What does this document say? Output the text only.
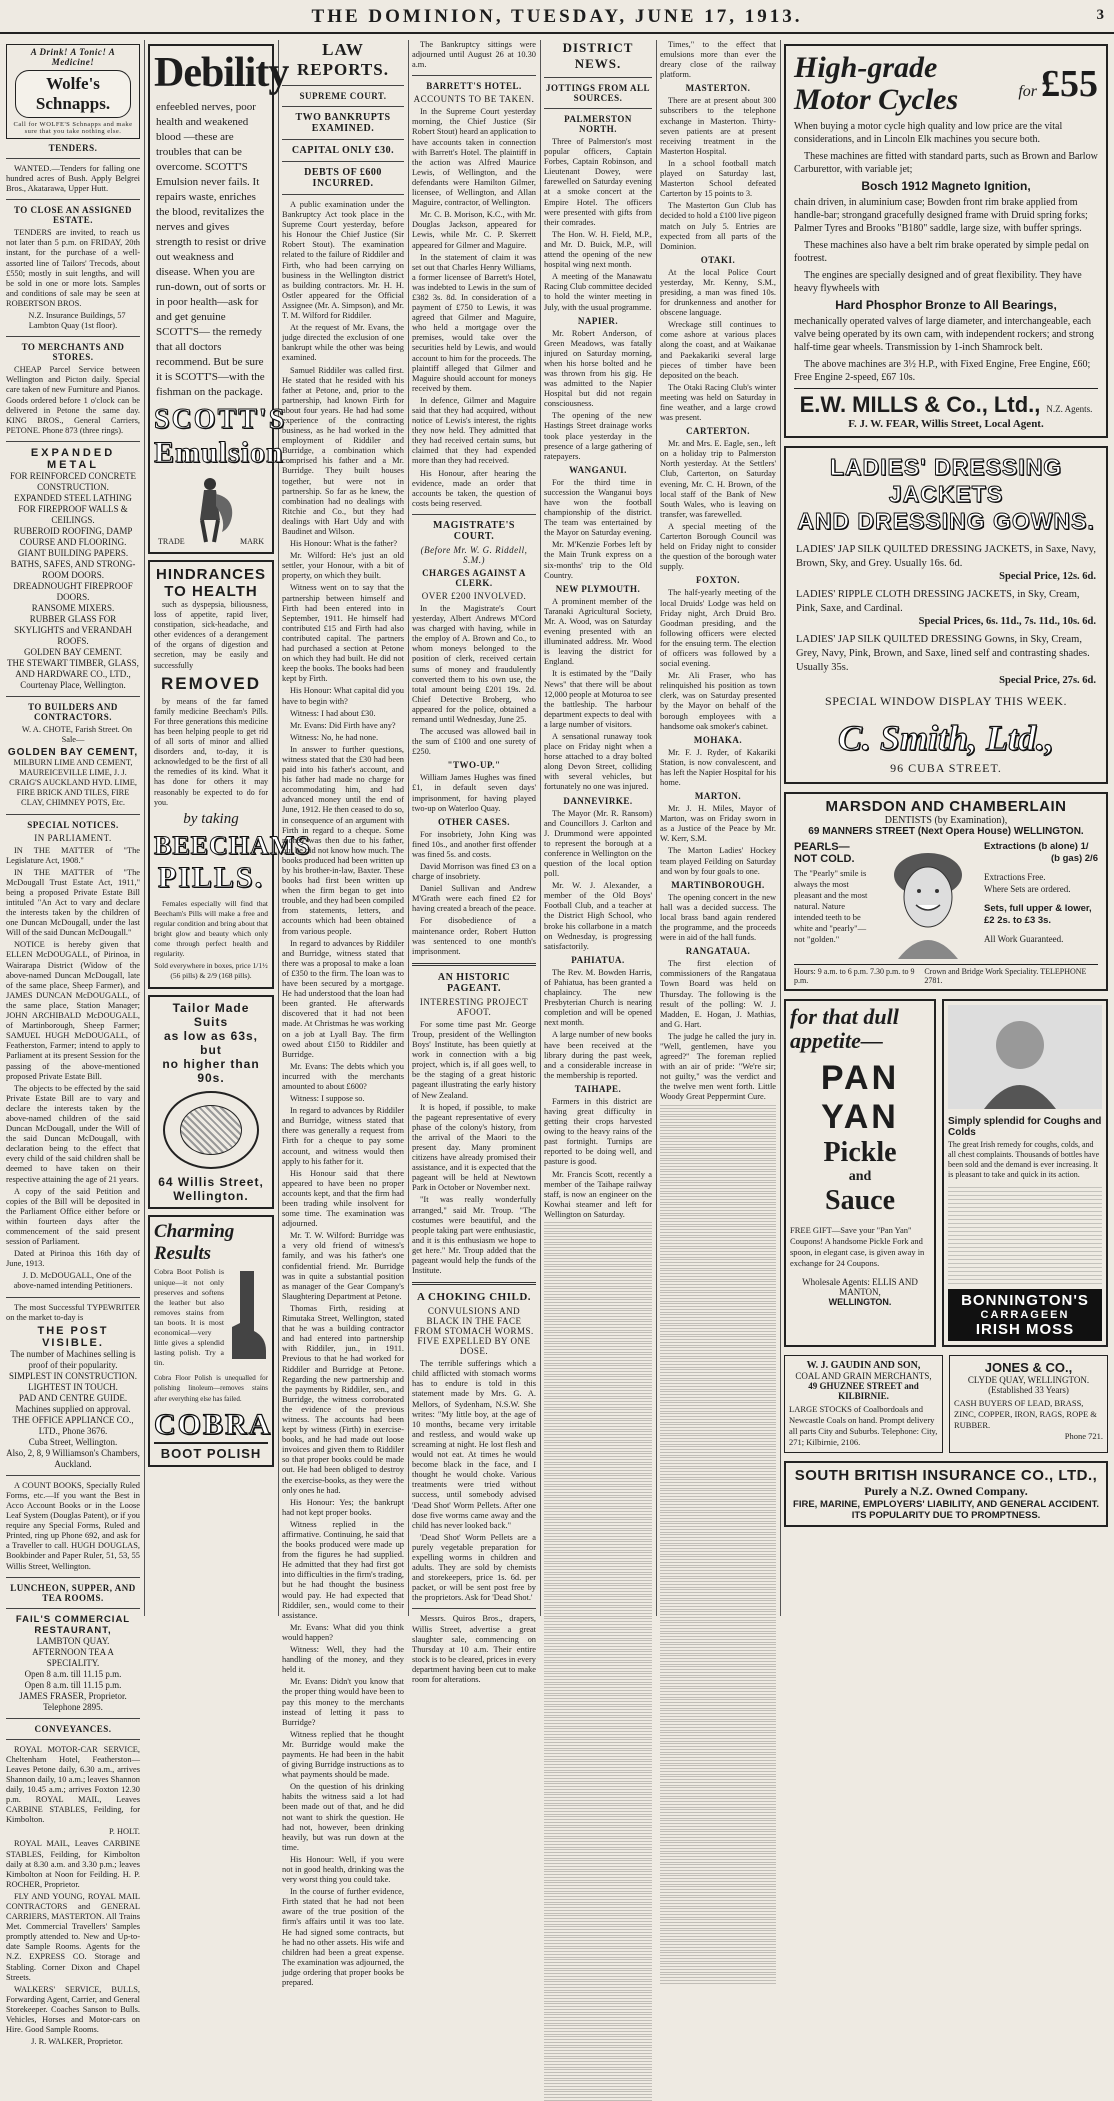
THE DOMINION, TUESDAY, JUNE 17, 1913.	3
A Drink! A Tonic! A Medicine!
Wolfe's Schnapps.
Call for WOLFE'S Schnapps and make sure that you take nothing else.
TENDERS.

WANTED.—Tenders for falling one hundred acres of Bush. Apply Belgrei Bros., Akatarawa, Upper Hutt.

TO CLOSE AN ASSIGNED ESTATE.

TENDERS are invited, to reach us not later than 5 p.m. on FRIDAY, 20th instant, for the purchase of a well-assorted line of Tailors' Trecods, about £550; mostly in suit lengths, and will be sold in one or more lots. Samples and conditions of sale may be seen at ROBERTSON BROS.

N.Z. Insurance Buildings, 57 Lambton Quay (1st floor).

TO MERCHANTS AND STORES.

CHEAP Parcel Service between Wellington and Picton daily. Special care taken of new Furniture and Pianos. Goods ordered before 1 o'clock can be delivered in Petone the same day. KING BROS., General Carriers, PETONE. Phone 873 (three rings).

EXPANDED METAL
FOR REINFORCED CONCRETE CONSTRUCTION.
EXPANDED STEEL LATHING
FOR FIREPROOF WALLS & CEILINGS.
RUBEROID ROOFING, DAMP COURSE AND FLOORING.
GIANT BUILDING PAPERS.
BATHS, SAFES, AND STRONG-ROOM DOORS.
DREADNOUGHT FIREPROOF DOORS.
RANSOME MIXERS.
RUBBER GLASS FOR SKYLIGHTS and VERANDAH ROOFS.
GOLDEN BAY CEMENT.
THE STEWART TIMBER, GLASS, AND HARDWARE CO., LTD.,
Courtenay Place, Wellington.
TO BUILDERS AND CONTRACTORS.

W. A. CHOTE, Farish Street. On Sale—

GOLDEN BAY CEMENT,

MILBURN LIME AND CEMENT, MAUREICEVILLE LIME, J. J. CRAIG'S AUCKLAND HYD. LIME, FIRE BRICK AND TILES, FIRE CLAY, CHIMNEY POTS, Etc.

SPECIAL NOTICES.
IN PARLIAMENT.

IN THE MATTER of "The Legislature Act, 1908."

IN THE MATTER of "The McDougall Trust Estate Act, 1911," being a proposed Private Estate Bill intituled "An Act to vary and declare the interests taken by the children of one Duncan McDougall, under the last Will of the said Duncan McDougall."

NOTICE is hereby given that ELLEN McDOUGALL, of Pirinoa, in Wairarapa District (Widow of the above-named Duncan McDougall, late of the same place, Sheep Farmer), and JAMES DUNCAN McDOUGALL, of the same place, Station Manager; JOHN ARCHIBALD McDOUGALL, of Martinborough, Sheep Farmer; SAMUEL HUGH McDOUGALL, of Featherston, Farmer; intend to apply to Parliament at its present Session for the passing of the above-mentioned proposed Private Estate Bill.

The objects to be effected by the said Private Estate Bill are to vary and declare the interests taken by the above-named children of the said Duncan McDougall, under the Will of the said Duncan McDougall, with declaration being to the effect that every child of the said children shall be deemed to have taken on their respective attaining the age of 21 years.

A copy of the said Petition and copies of the Bill will be deposited in the Parliament Office either before or within fourteen days after the commencement of the said present session of Parliament.

Dated at Pirinoa this 16th day of June, 1913.

J. D. McDOUGALL, One of the above-named intending Petitioners.

The most Successful TYPEWRITER on the market to-day is

THE POST VISIBLE.
The number of Machines selling is proof of their popularity.
SIMPLEST IN CONSTRUCTION. LIGHTEST IN TOUCH.
PAD AND CENTRE GUIDE.
Machines supplied on approval.
THE OFFICE APPLIANCE CO., LTD., Phone 3676.
Cuba Street, Wellington.
Also, 2, 8, 9 Williamson's Chambers, Auckland.

A COUNT BOOKS, Specially Ruled Forms, etc.—If you want the Best in Acco Account Books or in the Loose Leaf System (Douglas Patent), or if you require any Special Forms, Ruled and Printed, ring up Phone 692, and ask for a Traveller to call. HUGH DOUGLAS, Bookbinder and Paper Ruler, 51, 53, 55 Willis Street, Wellington.

LUNCHEON, SUPPER, AND TEA ROOMS.
FAIL'S COMMERCIAL RESTAURANT,
LAMBTON QUAY.
AFTERNOON TEA A SPECIALITY.
Open 8 a.m. till 11.15 p.m.
Open 8 a.m. till 11.15 p.m.
JAMES FRASER, Proprietor.
Telephone 2895.
CONVEYANCES.

ROYAL MOTOR-CAR SERVICE, Cheltenham Hotel, Featherston—Leaves Petone daily, 6.30 a.m., arrives Shannon daily, 10 a.m.; leaves Shannon daily, 10.45 a.m.; arrives Foxton 12.30 p.m. ROYAL MAIL, Leaves CARBINE STABLES, Feilding, for Kimbolton.

P. HOLT.

ROYAL MAIL, Leaves CARBINE STABLES, Feilding, for Kimbolton daily at 8.30 a.m. and 3.30 p.m.; leaves Kimbolton at Noon for Feilding. H. P. ROCHER, Proprietor.

FLY AND YOUNG, ROYAL MAIL CONTRACTORS and GENERAL CARRIERS, MASTERTON. All Trains Met. Commercial Travellers' Samples promptly attended to. New and Up-to-date Sample Rooms. Agents for the N.Z. EXPRESS CO. Storage and Stabling. Corner Dixon and Chapel Streets.

WALKERS' SERVICE, BULLS, Forwarding Agent, Carrier, and General Storekeeper. Coaches Sanson to Bulls. Vehicles, Horses and Motor-cars on Hire. Good Sample Rooms.

J. R. WALKER, Proprietor.

Debility
enfeebled nerves, poor health and weakened blood —these are troubles that can be overcome. SCOTT'S Emulsion never fails. It repairs waste, enriches the blood, revitalizes the nerves and gives strength to resist or drive out weakness and disease. When you are run-down, out of sorts or in poor health—ask for and get genuine SCOTT'S— the remedy that all doctors recommend. But be sure it is SCOTT'S—with the fishman on the package.
SCOTT'S
Emulsion
TRADE	MARK
HINDRANCES
TO HEALTH

such as dyspepsia, biliousness, loss of appetite, rapid liver, constipation, sick-headache, and other evidences of a derangement of the organs of digestion and secretion, may be easily and successfully

REMOVED

by means of the far famed family medicine Beecham's Pills. For three generations this medicine has been helping people to get rid of all sorts of minor and allied disorders and, to-day, it is acknowledged to be the first of all the remedies of its kind. What it has done for others it may reasonably be expected to do for you.

by taking
BEECHAMS
PILLS.

Females especially will find that Beecham's Pills will make a free and regular condition and bring about that bright glow and beauty which only come through perfect health and regularity.

Sold everywhere in boxes, price 1/1½ (56 pills) & 2/9 (168 pills).

Tailor Made Suits
as low as 63s, but
no higher than 90s.
64 Willis Street,
Wellington.
Charming
Results

Cobra Boot Polish is unique—it not only preserves and softens the leather but also removes stains from tan boots. It is most economical—very little gives a splendid lasting polish. Try a tin.

Cobra Floor Polish is unequalled for polishing linoleum—removes stains after everything else has failed.

COBRA
BOOT POLISH
LAW REPORTS.
SUPREME COURT.
TWO BANKRUPTS EXAMINED.
CAPITAL ONLY £30.
DEBTS OF £600 INCURRED.

A public examination under the Bankruptcy Act took place in the Supreme Court yesterday, before his Honour the Chief Justice (Sir Robert Stout). The examination related to the failure of Riddiler and Firth, who had been carrying on business in the Wellington district as building contractors. Mr. H. H. Ostler appeared for the Official Assignee (Mr. A. Simpson), and Mr. T. M. Wilford for Riddiler.

At the request of Mr. Evans, the judge directed the exclusion of one bankrupt while the other was being examined.

Samuel Riddiler was called first. He stated that he resided with his father at Petone, and, prior to the partnership, had known Firth for about four years. He had had some experience of the contracting business, as he had worked in the employment of Riddiler and Burridge, a combination which comprised his father and a Mr. Burridge. They built houses together, but were not in partnership. So far as he knew, the combination had no dealings with Ritchie and Co., but they had dealings with Hart Udy and with Baudinet and Wilson.

His Honour: What is the father?

Mr. Wilford: He's just an old settler, your Honour, with a bit of property, on which they built.

Witness went on to say that the partnership between himself and Firth had been entered into in September, 1911. He himself had contributed £15 and Firth had also contributed capital. The partners had purchased a section at Petone on which they had built. He did not keep the books. The books had been kept by Firth.

His Honour: What capital did you have to begin with?

Witness: I had about £30.

Mr. Evans: Did Firth have any?

Witness: No, he had none.

In answer to further questions, witness stated that the £30 had been paid into his father's account, and his father had made no charge for accommodating him, and had advanced money until the end of June, 1912. He then ceased to do so, in consequence of an argument with Firth in regard to a cheque. Some money was then due to his father, but he did not know how much. The books produced had been written up by his brother-in-law, Baxter. These books had first been written up when the firm began to get into trouble, and they had been compiled from statements, letters, and accounts which had been obtained from various people.

In regard to advances by Riddiler and Burridge, witness stated that there was a proposal to make a loan of £350 to the firm. The loan was to have been secured by a mortgage. He had understood that the loan had been granted. He afterwards discovered that it had not been made. At Christmas he was working on a job at Lyall Bay. The firm owed about £150 to Riddiler and Burridge.

Mr. Evans: The debts which you incurred with the merchants amounted to about £600?

Witness: I suppose so.

In regard to advances by Riddiler and Burridge, witness stated that there was generally a request from Firth for a cheque to pay some account, and witness would then apply to his father for it.

His Honour said that there appeared to have been no proper accounts kept, and that the firm had been trading while insolvent for some time. The examination was adjourned.

Mr. T. W. Wilford: Burridge was a very old friend of witness's family, and was his father's one confidential friend. Mr. Burridge was in quite a substantial position as manager of the Gear Company's Slaughtering Department at Petone.

Thomas Firth, residing at Rimutaka Street, Wellington, stated that he was a building contractor and had entered into partnership with Riddiler, jun., in 1911. Previous to that he had worked for Riddiler and Burridge at Petone. Regarding the new partnership and the payments by Riddiler, sen., and Burridge, the witness corroborated the evidence of the previous witness. The accounts had been kept by witness (Firth) in exercise-books, and he had made out loose invoices and given them to Riddiler so that proper books could be made out. He had been obliged to destroy the exercise-books, as they were the only ones he had.

His Honour: Yes; the bankrupt had not kept proper books.

Witness replied in the affirmative. Continuing, he said that the books produced were made up from the figures he had supplied. He admitted that they had first got into difficulties in the firm's trading, but he had thought the business would pay. He had expected that Riddiler, sen., would come to their assistance.

Mr. Evans: What did you think would happen?

Witness: Well, they had the handling of the money, and they held it.

Mr. Evans: Didn't you know that the proper thing would have been to pay this money to the merchants instead of letting it pass to Burridge?

Witness replied that he thought Mr. Burridge would make the payments. He had been in the habit of giving Burridge instructions as to what payments should be made.

On the question of his drinking habits the witness said a lot had been made out of that, and he did not want to shirk the question. He had not, however, been drinking heavily, but was run down at the time.

His Honour: Well, if you were not in good health, drinking was the very worst thing you could take.

In the course of further evidence, Firth stated that he had not been aware of the true position of the firm's affairs until it was too late. He had signed some contracts, but he had no other assets. His wife and children had been a great expense. The examination was adjourned, the judge ordering that proper books be prepared.

The Bankruptcy sittings were adjourned until August 26 at 10.30 a.m.

BARRETT'S HOTEL.
ACCOUNTS TO BE TAKEN.

In the Supreme Court yesterday morning, the Chief Justice (Sir Robert Stout) heard an application to have accounts taken in connection with Barrett's Hotel. The plaintiff in the action was Alfred Maurice Lewis, of Wellington, and the defendants were Hamilton Gilmer, licensee, of Wellington, and Allan Maguire, contractor, of Wellington.

Mr. C. B. Morison, K.C., with Mr. Douglas Jackson, appeared for Lewis, while Mr. C. P. Skerrett appeared for Gilmer and Maguire.

In the statement of claim it was set out that Charles Henry Williams, a former licensee of Barrett's Hotel, was indebted to Lewis in the sum of £382 3s. 8d. In consideration of a payment of £750 to Lewis, it was agreed that Gilmer and Maguire, who held a mortgage over the premises, would take over the securities held by Lewis, and would account to him for the proceeds. The plaintiff alleged that Gilmer and Maguire should account for moneys received by them.

In defence, Gilmer and Maguire said that they had acquired, without notice of Lewis's interest, the rights they now held. They admitted that they had received certain sums, but claimed that they had expended more than they had received.

His Honour, after hearing the evidence, made an order that accounts be taken, the question of costs being reserved.

MAGISTRATE'S COURT.
(Before Mr. W. G. Riddell, S.M.)
CHARGES AGAINST A CLERK.
OVER £200 INVOLVED.

In the Magistrate's Court yesterday, Albert Andrews M'Cord was charged with having, while in the employ of A. Brown and Co., to whom moneys belonged to the position of clerk, received certain sums of money and fraudulently converted them to his own use, the total amount being £201 19s. 2d. Chief Detective Broberg, who appeared for the police, obtained a remand until Wednesday, June 25.

The accused was allowed bail in the sum of £100 and one surety of £250.

"TWO-UP."

William James Hughes was fined £1, in default seven days' imprisonment, for having played two-up on Waterloo Quay.

OTHER CASES.

For insobriety, John King was fined 10s., and another first offender was fined 5s. and costs.

David Morrison was fined £3 on a charge of insobriety.

Daniel Sullivan and Andrew M'Grath were each fined £2 for having created a breach of the peace.

For disobedience of a maintenance order, Robert Hutton was sentenced to one month's imprisonment.

AN HISTORIC PAGEANT.
INTERESTING PROJECT AFOOT.

For some time past Mr. George Troup, president of the Wellington Boys' Institute, has been quietly at work in connection with a big project, which is, if all goes well, to be the staging of a great historic pageant illustrating the early history of New Zealand.

It is hoped, if possible, to make the pageant representative of every phase of the colony's history, from the arrival of the Maori to the present day. Many prominent citizens have already promised their assistance, and it is expected that the pageant will be held at Newtown Park in October or November next.

"It was really wonderfully arranged," said Mr. Troup. "The costumes were beautiful, and the people taking part were enthusiastic, and it is this enthusiasm we hope to get here." Mr. Troup added that the pageant would help the funds of the Institute.

A CHOKING CHILD.
CONVULSIONS AND BLACK IN THE FACE FROM STOMACH WORMS. FIVE EXPELLED BY ONE DOSE.

The terrible sufferings which a child afflicted with stomach worms has to endure is told in this statement made by Mrs. G. A. Mellors, of Sydenham, N.S.W. She writes: "My little boy, at the age of 10 months, became very irritable and restless, and would wake up screaming at night. He lost flesh and would not eat. At times he would become black in the face, and I thought he would choke. Various treatments were tried without success, until somebody advised 'Dead Shot' Worm Pellets. After one dose five worms came away and the child has never looked back."

'Dead Shot' Worm Pellets are a purely vegetable preparation for expelling worms in children and adults. They are sold by chemists and storekeepers, price 1s. 6d. per packet, or will be sent post free by the proprietors. Ask for 'Dead Shot.'

Messrs. Quiros Bros., drapers, Willis Street, advertise a great slaughter sale, commencing on Thursday at 10 a.m. Their entire stock is to be cleared, prices in every department having been cut to make room for alterations.

DISTRICT NEWS.
JOTTINGS FROM ALL SOURCES.
PALMERSTON NORTH.

Three of Palmerston's most popular officers, Captain Forbes, Captain Robinson, and Lieutenant Dowey, were farewelled on Saturday evening at a smoke concert at the Empire Hotel. The officers were presented with gifts from their comrades.

The Hon. W. H. Field, M.P., and Mr. D. Buick, M.P., will attend the opening of the new hospital wing next month.

A meeting of the Manawatu Racing Club committee decided to hold the winter meeting in July, with the usual programme.

NAPIER.

Mr. Robert Anderson, of Green Meadows, was fatally injured on Saturday morning, when his horse bolted and he was thrown from his gig. He was admitted to the Napier Hospital but did not regain consciousness.

The opening of the new Hastings Street drainage works took place yesterday in the presence of a large gathering of ratepayers.

WANGANUI.

For the third time in succession the Wanganui boys have won the football championship of the district. The team was entertained by the Mayor on Saturday evening.

Mr. M'Kenzie Forbes left by the Main Trunk express on a six-months' trip to the Old Country.

NEW PLYMOUTH.

A prominent member of the Taranaki Agricultural Society, Mr. A. Wood, was on Saturday evening presented with an illuminated address. Mr. Wood is leaving the district for England.

It is estimated by the "Daily News" that there will be about 12,000 people at Moturoa to see the battleship. The harbour department expects to deal with a large number of visitors.

A sensational runaway took place on Friday night when a horse attached to a dray bolted along Devon Street, colliding with several vehicles, but fortunately no one was injured.

DANNEVIRKE.

The Mayor (Mr. R. Ransom) and Councillors J. Carlton and J. Drummond were appointed to represent the borough at a conference in Wellington on the question of the local option poll.

Mr. W. J. Alexander, a member of the Old Boys' Football Club, and a teacher at the District High School, who broke his collarbone in a match on Wednesday, is progressing satisfactorily.

PAHIATUA.

The Rev. M. Bowden Harris, of Pahiatua, has been granted a chaplaincy. The new Presbyterian Church is nearing completion and will be opened next month.

A large number of new books have been received at the library during the past week, and a considerable increase in the membership is reported.

TAIHAPE.

Farmers in this district are having great difficulty in getting their crops harvested owing to the heavy rains of the past fortnight. Turnips are reported to be doing well, and pasture is good.

Mr. Francis Scott, recently a member of the Taihape railway staff, is now an engineer on the Kowhai steamer and left for Wellington on Saturday.

Times," to the effect that emulsions more than ever the dreary close of the railway platform.

MASTERTON.

There are at present about 300 subscribers to the telephone exchange in Masterton. Thirty-seven patients are at present receiving treatment in the Masterton Hospital.

In a school football match played on Saturday last, Masterton School defeated Carterton by 15 points to 3.

The Masterton Gun Club has decided to hold a £100 live pigeon match on July 5. Entries are expected from all parts of the Dominion.

OTAKI.

At the local Police Court yesterday, Mr. Kenny, S.M., presiding, a man was fined 10s. for drunkenness and another for obscene language.

Wreckage still continues to come ashore at various places along the coast, and at Waikanae and Paekakariki several large pieces of timber have been deposited on the beach.

The Otaki Racing Club's winter meeting was held on Saturday in fine weather, and a large crowd was present.

CARTERTON.

Mr. and Mrs. E. Eagle, sen., left on a holiday trip to Palmerston North yesterday. At the Settlers' Club, Carterton, on Saturday evening, Mr. C. H. Brown, of the local staff of the Bank of New South Wales, who is leaving on transfer, was farewelled.

A special meeting of the Carterton Borough Council was held on Friday night to consider the question of the borough water supply.

FOXTON.

The half-yearly meeting of the local Druids' Lodge was held on Friday night, Arch Druid Bro. Goodman presiding, and the following officers were elected for the ensuing term. The election of officers was followed by a social evening.

Mr. Ali Fraser, who has relinquished his position as town clerk, was on Saturday presented by the Mayor on behalf of the borough employees with a handsome oak smoker's cabinet.

MOHAKA.

Mr. F. J. Ryder, of Kakariki Station, is now convalescent, and has left the Napier Hospital for his home.

MARTON.

Mr. J. H. Miles, Mayor of Marton, was on Friday sworn in as a Justice of the Peace by Mr. W. Kerr, S.M.

The Marton Ladies' Hockey team played Feilding on Saturday and won by four goals to one.

MARTINBOROUGH.

The opening concert in the new hall was a decided success. The local brass band again rendered the programme, and the proceeds were in aid of the hall funds.

RANGATAUA.

The first election of commissioners of the Rangataua Town Board was held on Thursday. The following is the result of the polling: W. J. Madden, E. Hogan, J. Mathias, and G. Hart.

The judge he called the jury in. "Well, gentlemen, have you agreed?" The foreman replied with an air of pride: "We're sir; not guilty," was the verdict and the twelve men went forth. Little Woody Great Peppermint Cure.

High-grade
Motor Cycles	for £55
When buying a motor cycle high quality and low price are the vital considerations, and in Lincoln Elk machines you secure both.
These machines are fitted with standard parts, such as Brown and Barlow Carburettor, with variable jet;
Bosch 1912 Magneto Ignition,
chain driven, in aluminium case; Bowden front rim brake applied from handle-bar; strongand gracefully designed frame with Druid spring forks; Palmer Tyres and Brooks "B180" saddle, large size, with buffer springs.
These machines also have a belt rim brake operated by simple pedal on footrest.
The engines are specially designed and of great flexibility. They have heavy flywheels with
Hard Phosphor Bronze to All Bearings,
mechanically operated valves of large diameter, and interchangeable, each valve being operated by its own cam, with independent rockers; and strong half-time gear wheels. Transmission by 1-inch Shamrock belt.
The above machines are 3½ H.P., with Fixed Engine, Free Engine, £60; Free Engine 2-speed, £67 10s.
E.W. MILLS & Co., Ltd., N.Z. Agents.
F. J. W. FEAR, Willis Street, Local Agent.
LADIES' DRESSING JACKETS
AND DRESSING GOWNS.
LADIES' JAP SILK QUILTED DRESSING JACKETS, in Saxe, Navy, Brown, Sky, and Grey. Usually 16s. 6d.
Special Price, 12s. 6d.
LADIES' RIPPLE CLOTH DRESSING JACKETS, in Sky, Cream, Pink, Saxe, and Cardinal.
Special Prices, 6s. 11d., 7s. 11d., 10s. 6d.
LADIES' JAP SILK QUILTED DRESSING Gowns, in Sky, Cream, Grey, Navy, Pink, Brown, and Saxe, lined self and contrasting shades. Usually 35s.
Special Price, 27s. 6d.
SPECIAL WINDOW DISPLAY THIS WEEK.
C. Smith, Ltd.,
96 CUBA STREET.
MARSDON AND CHAMBERLAIN
DENTISTS (by Examination),
69 MANNERS STREET (Next Opera House) WELLINGTON.
PEARLS— NOT COLD.
The "Pearly" smile is always the most pleasant and the most natural. Nature intended teeth to be white and "pearly"—not "golden."
Extractions (b alone) 1/
(b gas) 2/6
Extractions Free.
Where Sets are ordered.
Sets, full upper & lower,
£2 2s. to £3 3s.
All Work Guaranteed.
Hours: 9 a.m. to 6 p.m. 7.30 p.m. to 9 p.m.
Crown and Bridge Work Speciality. TELEPHONE 2781.
for that dull appetite—
PAN
YAN
Pickle
and
Sauce
FREE GIFT—Save your "Pan Yan" Coupons! A handsome Pickle Fork and spoon, in elegant case, is given away in exchange for 24 Coupons.
Wholesale Agents: ELLIS AND MANTON,
WELLINGTON.
Simply splendid for Coughs and Colds
The great Irish remedy for coughs, colds, and all chest complaints. Thousands of bottles have been sold and the demand is ever increasing. It is pleasant to take and quick in its action.
BONNINGTON'S
CARRAGEEN
IRISH MOSS
W. J. GAUDIN AND SON,
COAL AND GRAIN MERCHANTS,
49 GHUZNEE STREET and KILBIRNIE.
LARGE STOCKS of Coalbordoals and Newcastle Coals on hand. Prompt delivery all parts City and Suburbs. Telephone: City, 271; Kilbirnie, 2106.
JONES & CO.,
CLYDE QUAY, WELLINGTON.
(Established 33 Years)
CASH BUYERS OF LEAD, BRASS, ZINC, COPPER, IRON, RAGS, ROPE & RUBBER.
Phone 721.
SOUTH BRITISH INSURANCE CO., LTD.,
Purely a N.Z. Owned Company.
FIRE, MARINE, EMPLOYERS' LIABILITY, AND GENERAL ACCIDENT.
ITS POPULARITY DUE TO PROMPTNESS.
